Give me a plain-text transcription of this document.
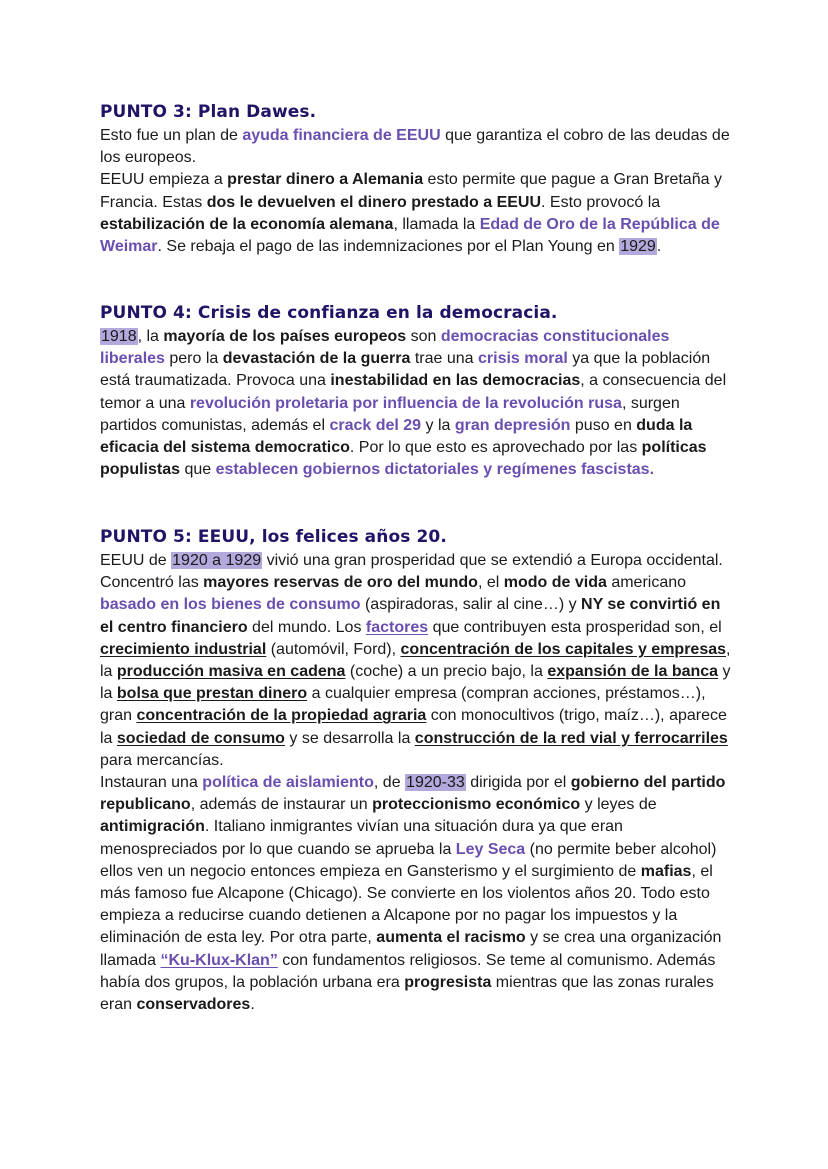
PUNTO 3: Plan Dawes.

Esto fue un plan de ayuda financiera de EEUU que garantiza el cobro de las deudas de los europeos.
EEUU empieza a prestar dinero a Alemania esto permite que pague a Gran Bretaña y Francia. Estas dos le devuelven el dinero prestado a EEUU. Esto provocó la estabilización de la economía alemana, llamada la Edad de Oro de la República de Weimar. Se rebaja el pago de las indemnizaciones por el Plan Young en 1929.

PUNTO 4: Crisis de confianza en la democracia.

1918, la mayoría de los países europeos son democracias constitucionales liberales pero la devastación de la guerra trae una crisis moral ya que la población está traumatizada. Provoca una inestabilidad en las democracias, a consecuencia del temor a una revolución proletaria por influencia de la revolución rusa, surgen partidos comunistas, además el crack del 29 y la gran depresión puso en duda la eficacia del sistema democratico. Por lo que esto es aprovechado por las políticas populistas que establecen gobiernos dictatoriales y regímenes fascistas.

PUNTO 5: EEUU, los felices años 20.

EEUU de 1920 a 1929 vivió una gran prosperidad que se extendió a Europa occidental. Concentró las mayores reservas de oro del mundo, el modo de vida americano basado en los bienes de consumo (aspiradoras, salir al cine…) y NY se convirtió en el centro financiero del mundo. Los factores que contribuyen esta prosperidad son, el crecimiento industrial (automóvil, Ford), concentración de los capitales y empresas, la producción masiva en cadena (coche) a un precio bajo, la expansión de la banca y la bolsa que prestan dinero a cualquier empresa (compran acciones, préstamos…), gran concentración de la propiedad agraria con monocultivos (trigo, maíz…), aparece la sociedad de consumo y se desarrolla la construcción de la red vial y ferrocarriles para mercancías.
Instauran una política de aislamiento, de 1920-33 dirigida por el gobierno del partido republicano, además de instaurar un proteccionismo económico y leyes de antimigración. Italiano inmigrantes vivían una situación dura ya que eran menospreciados por lo que cuando se aprueba la Ley Seca (no permite beber alcohol) ellos ven un negocio entonces empieza en Gansterismo y el surgimiento de mafias, el más famoso fue Alcapone (Chicago). Se convierte en los violentos años 20. Todo esto empieza a reducirse cuando detienen a Alcapone por no pagar los impuestos y la eliminación de esta ley. Por otra parte, aumenta el racismo y se crea una organización llamada “Ku-Klux-Klan” con fundamentos religiosos. Se teme al comunismo. Además había dos grupos, la población urbana era progresista mientras que las zonas rurales eran conservadores.
